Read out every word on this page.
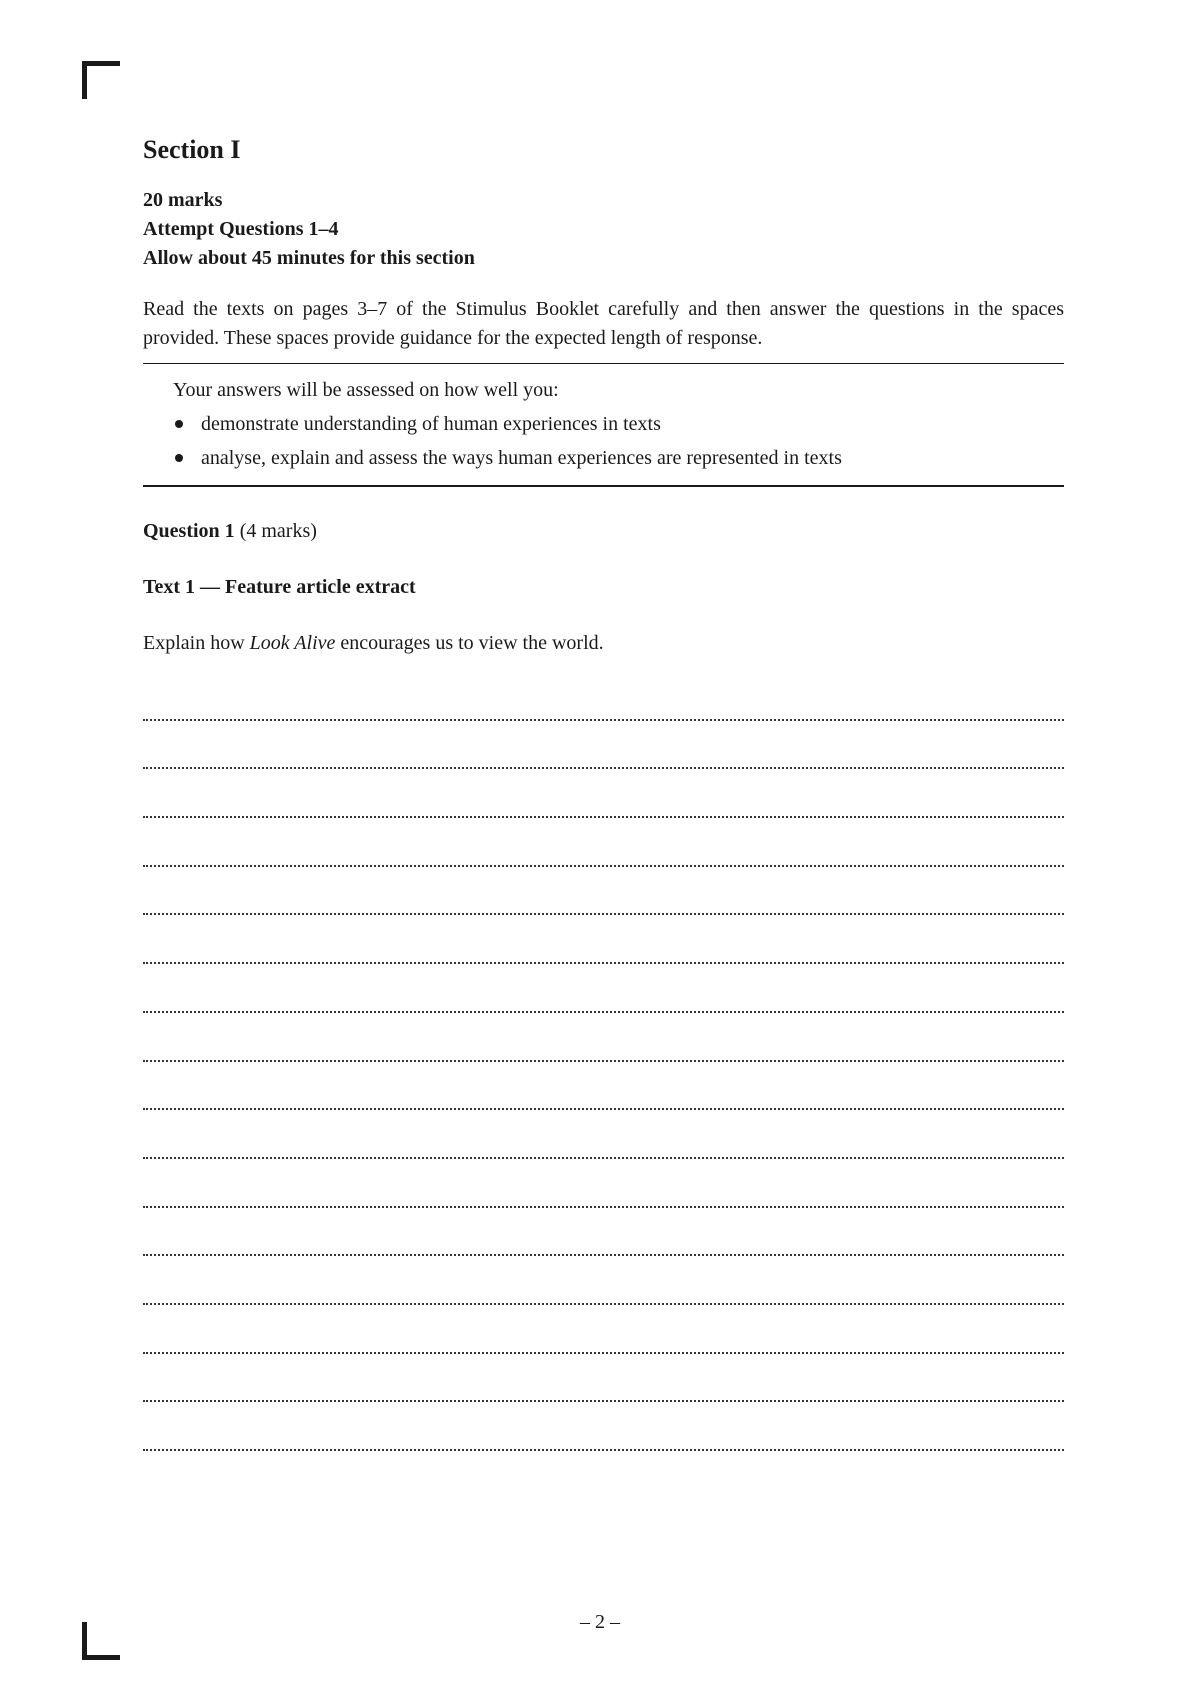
Section I
20 marks
Attempt Questions 1–4
Allow about 45 minutes for this section
Read the texts on pages 3–7 of the Stimulus Booklet carefully and then answer the questions in the spaces provided. These spaces provide guidance for the expected length of response.
Your answers will be assessed on how well you:
demonstrate understanding of human experiences in texts
analyse, explain and assess the ways human experiences are represented in texts
Question 1 (4 marks)
Text 1 — Feature article extract
Explain how Look Alive encourages us to view the world.
– 2 –
